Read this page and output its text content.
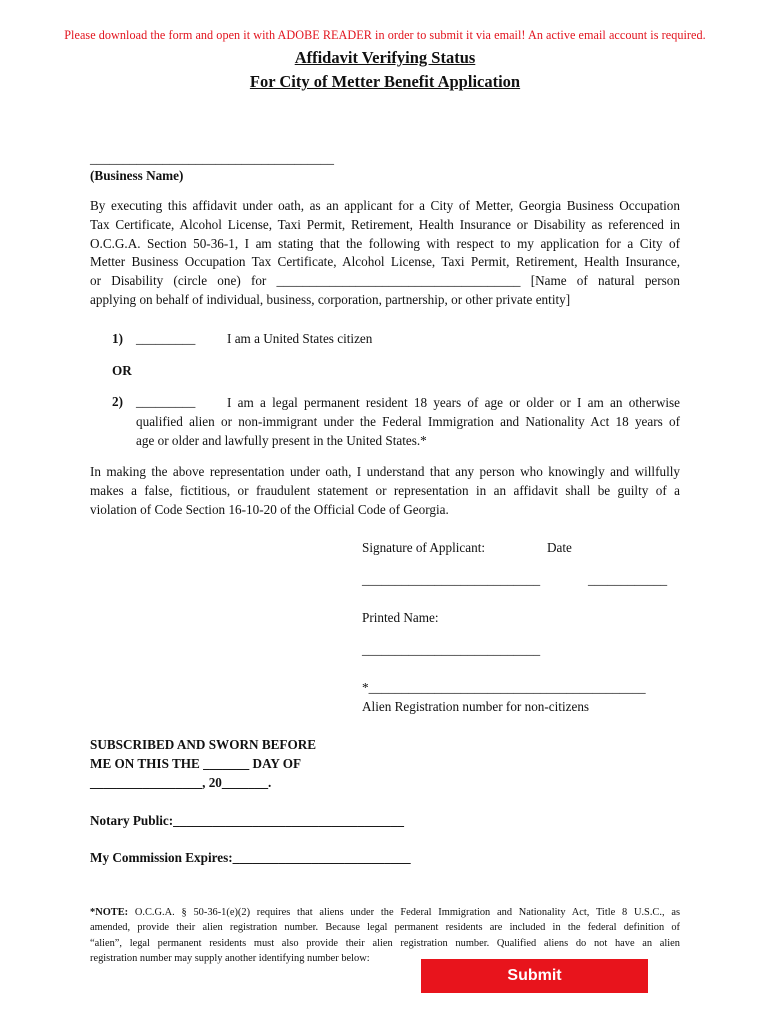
Please download the form and open it with ADOBE READER in order to submit it via email! An active email account is required.
Affidavit Verifying Status
For City of Metter Benefit Application
_____________________________________
(Business Name)
By executing this affidavit under oath, as an applicant for a City of Metter, Georgia Business Occupation
Tax Certificate, Alcohol License, Taxi Permit, Retirement, Health Insurance or Disability as referenced in
O.C.G.A. Section 50-36-1, I am stating that the following with respect to my application for a City of
Metter Business Occupation Tax Certificate, Alcohol License, Taxi Permit, Retirement, Health Insurance,
or Disability (circle one) for _____________________________________ [Name of natural person
applying on behalf of individual, business, corporation, partnership, or other private entity]
1) _________ I am a United States citizen
OR
2) _________ I am a legal permanent resident 18 years of age or older or I am an otherwise
qualified alien or non-immigrant under the Federal Immigration and Nationality Act 18 years of
age or older and lawfully present in the United States.*
In making the above representation under oath, I understand that any person who knowingly and willfully
makes a false, fictitious, or fraudulent statement or representation in an affidavit shall be guilty of a
violation of Code Section 16-10-20 of the Official Code of Georgia.
Signature of Applicant:	Date
___________________________	____________
Printed Name:
___________________________
*__________________________________________
Alien Registration number for non-citizens
SUBSCRIBED AND SWORN BEFORE
ME ON THIS THE _______ DAY OF
_________________, 20_______.
Notary Public:___________________________________
My Commission Expires:___________________________
*NOTE: O.C.G.A. § 50-36-1(e)(2) requires that aliens under the Federal Immigration and Nationality Act, Title 8 U.S.C., as
amended, provide their alien registration number. Because legal permanent residents are included in the federal definition of
“alien”, legal permanent residents must also provide their alien registration number. Qualified aliens do not have an alien
registration number may supply another identifying number below:
Submit
